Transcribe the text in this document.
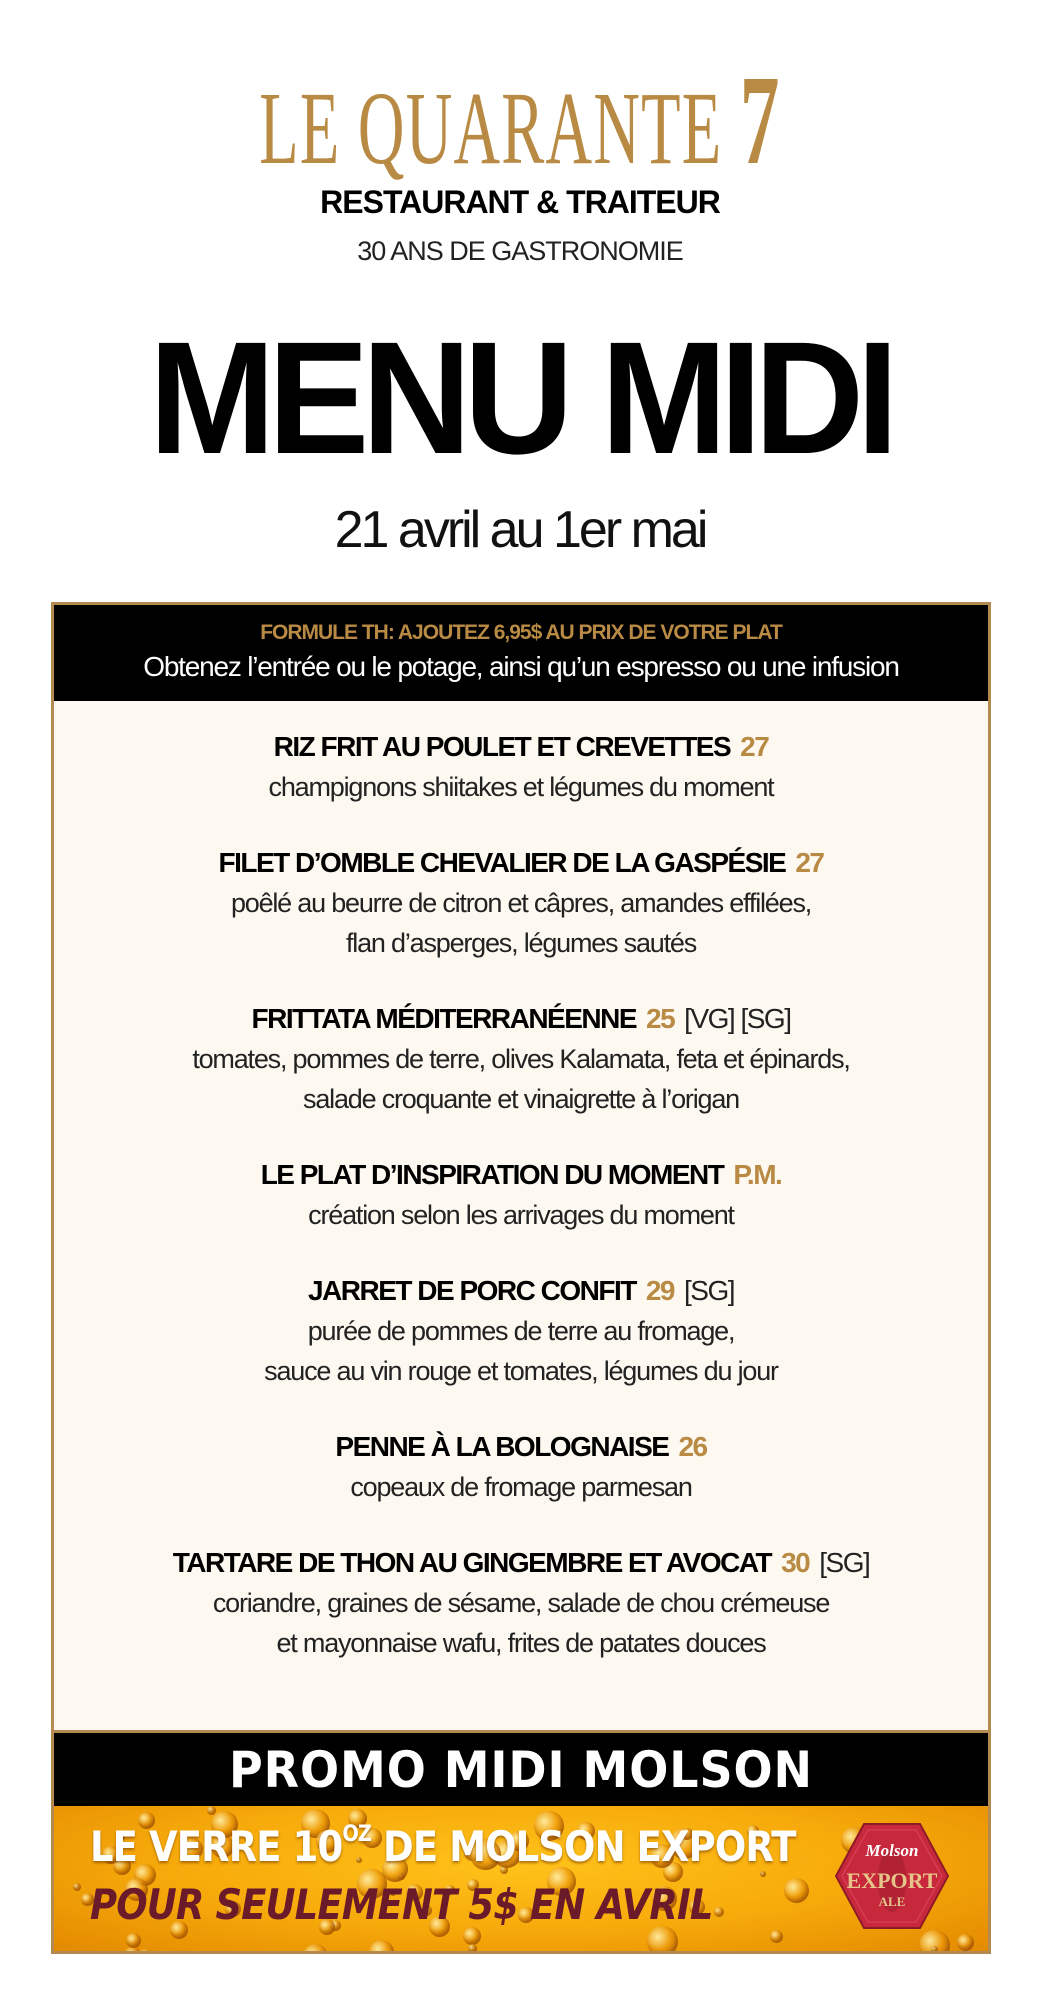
LE QUARANTE 7
RESTAURANT & TRAITEUR
30 ANS DE GASTRONOMIE
MENU MIDI
21 avril au 1er mai
FORMULE TH: AJOUTEZ 6,95$ AU PRIX DE VOTRE PLAT
Obtenez l’entrée ou le potage, ainsi qu’un espresso ou une infusion
RIZ FRIT AU POULET ET CREVETTES 27
champignons shiitakes et légumes du moment
FILET D’OMBLE CHEVALIER DE LA GASPÉSIE 27
poêlé au beurre de citron et câpres, amandes effilées,
flan d’asperges, légumes sautés
FRITTATA MÉDITERRANÉENNE 25 [VG] [SG]
tomates, pommes de terre, olives Kalamata, feta et épinards,
salade croquante et vinaigrette à l’origan
LE PLAT D’INSPIRATION DU MOMENT P.M.
création selon les arrivages du moment
JARRET DE PORC CONFIT 29 [SG]
purée de pommes de terre au fromage,
sauce au vin rouge et tomates, légumes du jour
PENNE À LA BOLOGNAISE 26
copeaux de fromage parmesan
TARTARE DE THON AU GINGEMBRE ET AVOCAT 30 [SG]
coriandre, graines de sésame, salade de chou crémeuse
et mayonnaise wafu, frites de patates douces
PROMO MIDI MOLSON
LE VERRE $10^{OZ}$ DE MOLSON EXPORT
POUR SEULEMENT 5$ EN AVRIL
Molson
EXPORT
ALE
